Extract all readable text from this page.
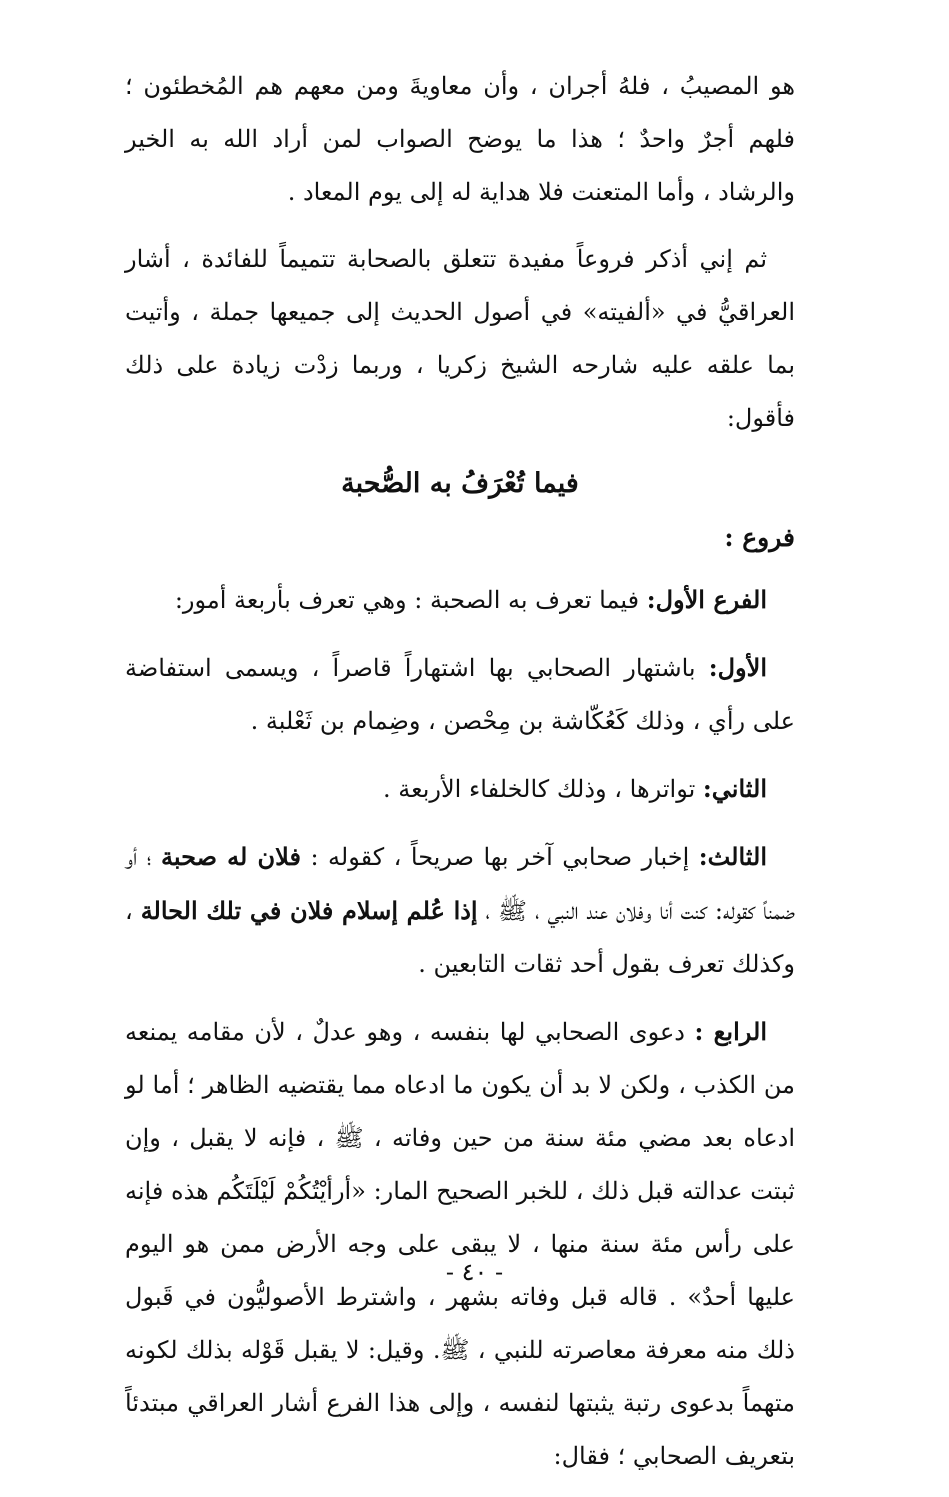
هو المصيبُ ، فلهُ أجران ، وأن معاويةَ ومن معهم هم المُخطئون ؛ فلهم أجرٌ واحدٌ ؛ هذا ما يوضح الصواب لمن أراد الله به الخير والرشاد ، وأما المتعنت فلا هداية له إلى يوم المعاد .

ثم إني أذكر فروعاً مفيدة تتعلق بالصحابة تتميماً للفائدة ، أشار العراقيُّ في «ألفيته» في أصول الحديث إلى جميعها جملة ، وأتيت بما علقه عليه شارحه الشيخ زكريا ، وربما زدْت زيادة على ذلك فأقول:

فيما تُعْرَفُ به الصُّحبة
فروع :

الفرع الأول: فيما تعرف به الصحبة : وهي تعرف بأربعة أمور:

الأول: باشتهار الصحابي بها اشتهاراً قاصراً ، ويسمى استفاضة على رأي ، وذلك كَعُكّاشة بن مِحْصن ، وضِمام بن ثَعْلبة .

الثاني: تواترها ، وذلك كالخلفاء الأربعة .

الثالث: إخبار صحابي آخر بها صريحاً ، كقوله : فلان له صحبة ؛ أو ضمناً كقوله: كنت أنا وفلان عند النبي ، ﷺ ، إذا عُلم إسلام فلان في تلك الحالة ، وكذلك تعرف بقول أحد ثقات التابعين .

الرابع : دعوى الصحابي لها بنفسه ، وهو عدلٌ ، لأن مقامه يمنعه من الكذب ، ولكن لا بد أن يكون ما ادعاه مما يقتضيه الظاهر ؛ أما لو ادعاه بعد مضي مئة سنة من حين وفاته ، ﷺ ، فإنه لا يقبل ، وإن ثبتت عدالته قبل ذلك ، للخبر الصحيح المار: «أرأيْتُكُمْ لَيْلَتَكُم هذه فإنه على رأس مئة سنة منها ، لا يبقى على وجه الأرض ممن هو اليوم عليها أحدٌ» . قاله قبل وفاته بشهر ، واشترط الأصوليُّون في قَبول ذلك منه معرفة معاصرته للنبي ، ﷺ. وقيل: لا يقبل قَوْله بذلك لكونه متهماً بدعوى رتبة يثبتها لنفسه ، وإلى هذا الفرع أشار العراقي مبتدئاً بتعريف الصحابي ؛ فقال:

- ٤٠ -
